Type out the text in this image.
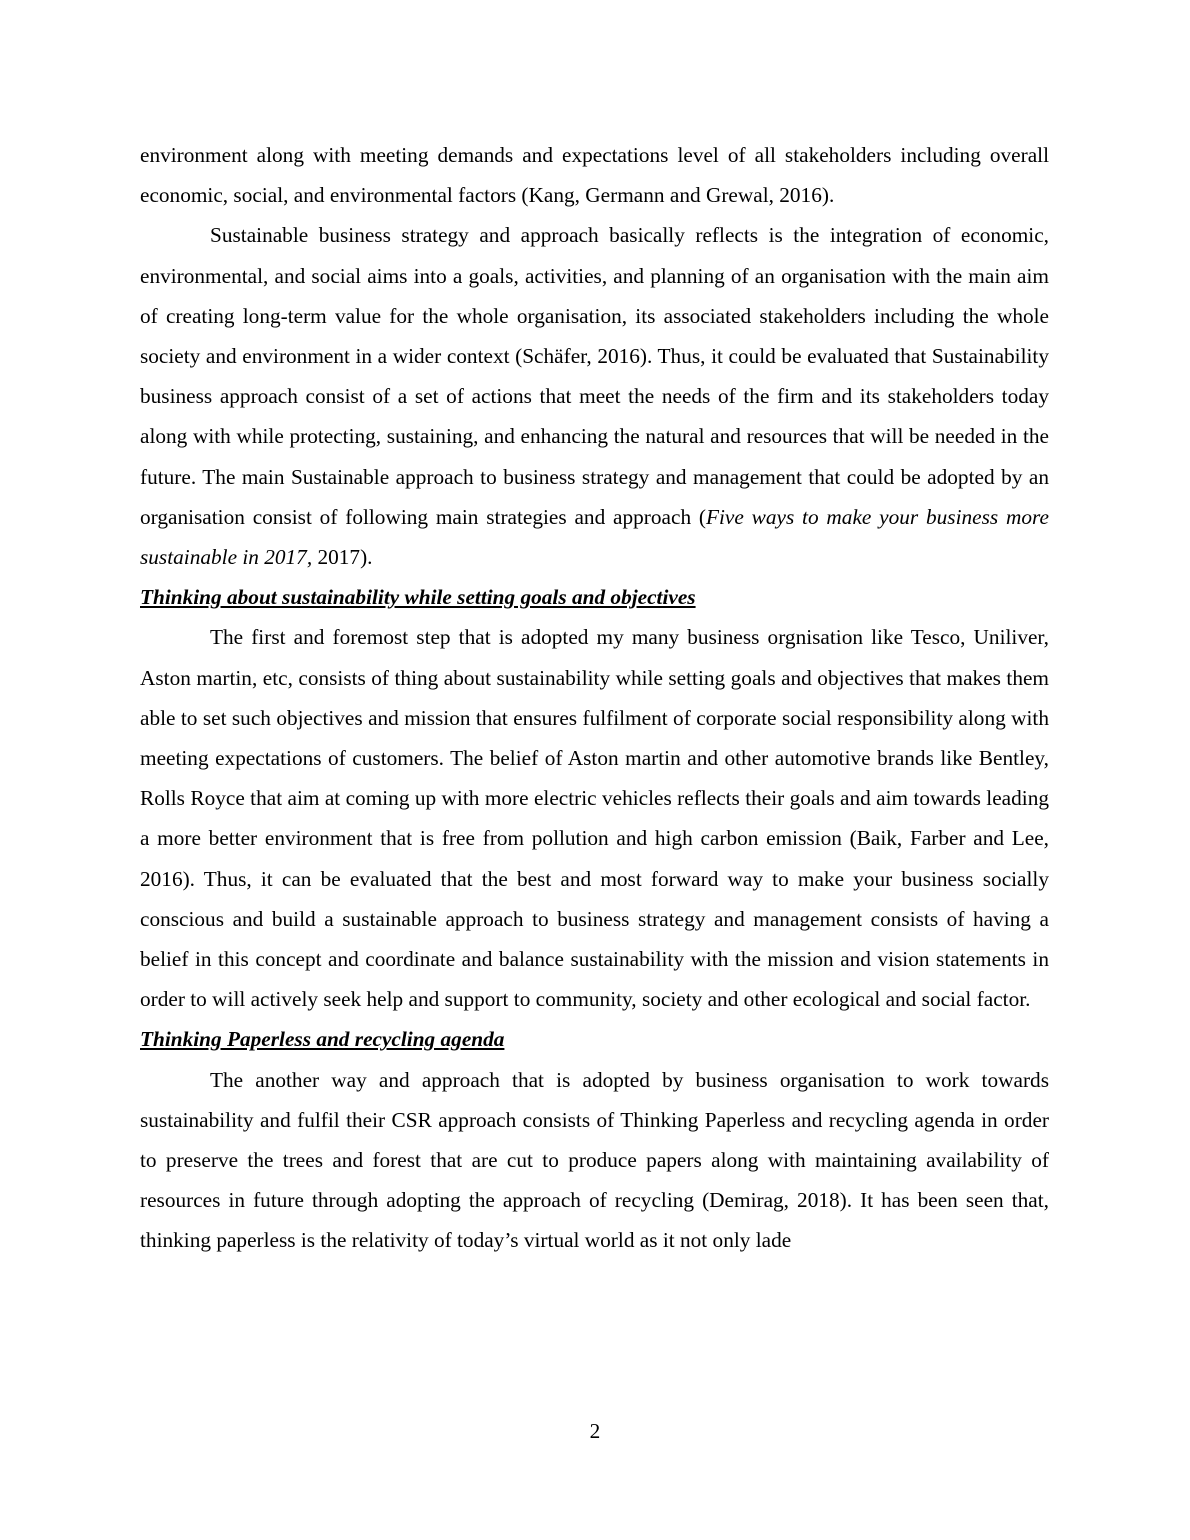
environment along with meeting demands and expectations level of all stakeholders including overall economic, social, and environmental factors (Kang, Germann and Grewal, 2016).

Sustainable business strategy and approach basically reflects is the integration of economic, environmental, and social aims into a goals, activities, and planning of an organisation with the main aim of creating long-term value for the whole organisation, its associated stakeholders including the whole society and environment in a wider context (Schäfer, 2016). Thus, it could be evaluated that Sustainability business approach consist of a set of actions that meet the needs of the firm and its stakeholders today along with while protecting, sustaining, and enhancing the natural and resources that will be needed in the future. The main Sustainable approach to business strategy and management that could be adopted by an organisation consist of following main strategies and approach (Five ways to make your business more sustainable in 2017, 2017).

Thinking about sustainability while setting goals and objectives

The first and foremost step that is adopted my many business orgnisation like Tesco, Uniliver, Aston martin, etc, consists of thing about sustainability while setting goals and objectives that makes them able to set such objectives and mission that ensures fulfilment of corporate social responsibility along with meeting expectations of customers. The belief of Aston martin and other automotive brands like Bentley, Rolls Royce that aim at coming up with more electric vehicles reflects their goals and aim towards leading a more better environment that is free from pollution and high carbon emission (Baik, Farber and Lee, 2016). Thus, it can be evaluated that the best and most forward way to make your business socially conscious and build a sustainable approach to business strategy and management consists of having a belief in this concept and coordinate and balance sustainability with the mission and vision statements in order to will actively seek help and support to community, society and other ecological and social factor.

Thinking Paperless and recycling agenda

The another way and approach that is adopted by business organisation to work towards sustainability and fulfil their CSR approach consists of Thinking Paperless and recycling agenda in order to preserve the trees and forest that are cut to produce papers along with maintaining availability of resources in future through adopting the approach of recycling (Demirag, 2018). It has been seen that, thinking paperless is the relativity of today’s virtual world as it not only lade

2
